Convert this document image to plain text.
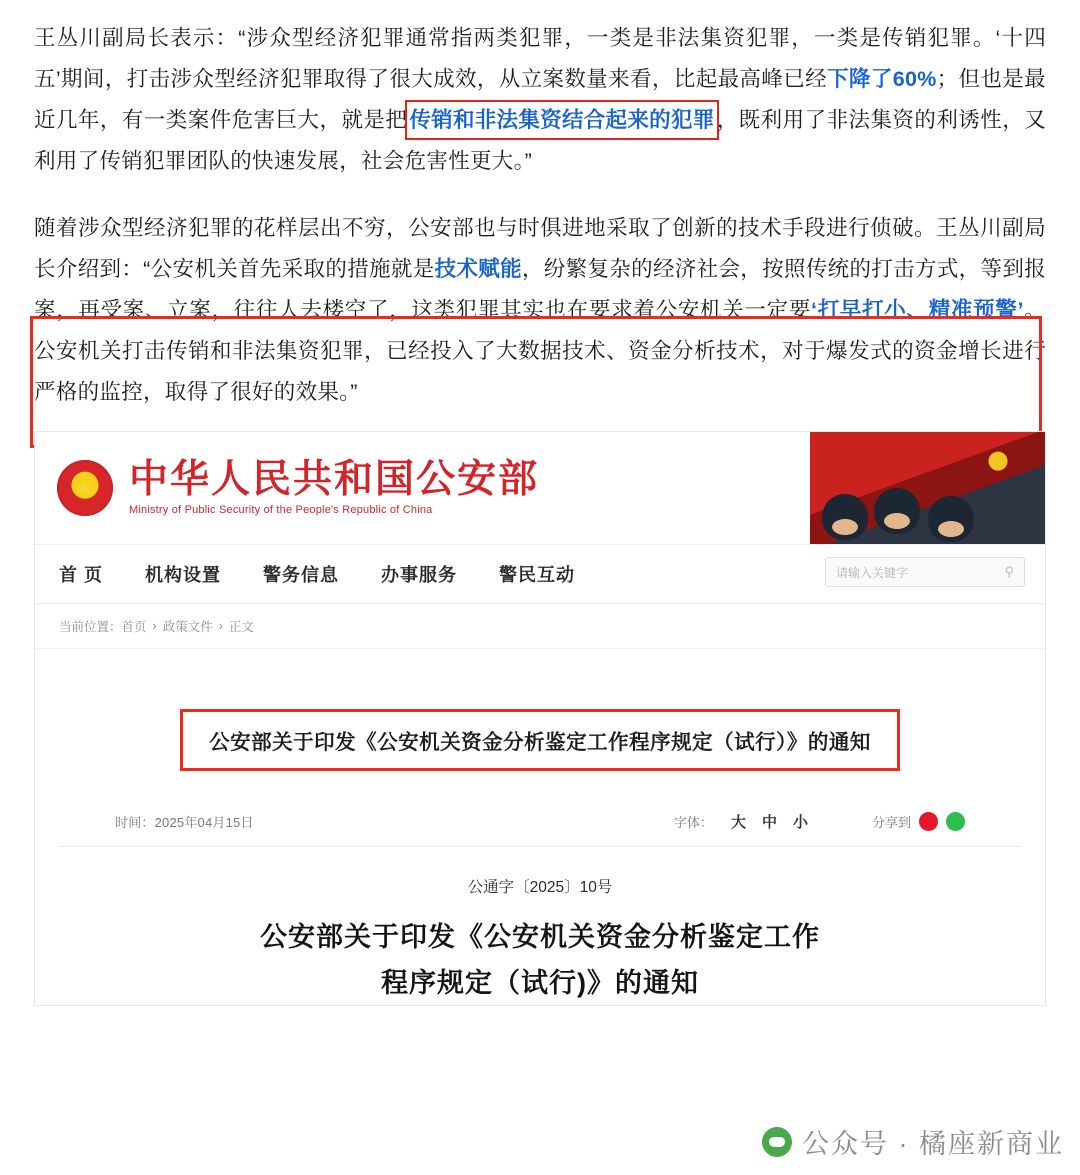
王丛川副局长表示：“涉众型经济犯罪通常指两类犯罪，一类是非法集资犯罪，一类是传销犯罪。‘十四五’期间，打击涉众型经济犯罪取得了很大成效，从立案数量来看，比起最高峰已经下降了60%；但也是最近几年，有一类案件危害巨大，就是把传销和非法集资结合起来的犯罪，既利用了非法集资的利诱性，又利用了传销犯罪团队的快速发展，社会危害性更大。”

随着涉众型经济犯罪的花样层出不穷，公安部也与时俱进地采取了创新的技术手段进行侦破。王丛川副局长介绍到：“公安机关首先采取的措施就是技术赋能，纷繁复杂的经济社会，按照传统的打击方式，等到报案，再受案、立案，往往人去楼空了，这类犯罪其实也在要求着公安机关一定要‘打早打小、精准预警’。公安机关打击传销和非法集资犯罪，已经投入了大数据技术、资金分析技术，对于爆发式的资金增长进行严格的监控，取得了很好的效果。”

★
中华人民共和国公安部
Ministry of Public Security of the People's Republic of China
首 页 机构设置 警务信息 办事服务 警民互动	请输入关键字	⚲
当前位置： 首页 › 政策文件 › 正文
公安部关于印发《公安机关资金分析鉴定工作程序规定（试行）》的通知
时间：2025年04月15日	字体： 大 中 小	分享到
公通字〔2025〕10号
公安部关于印发《公安机关资金分析鉴定工作
程序规定（试行)》的通知
公众号 · 橘座新商业
